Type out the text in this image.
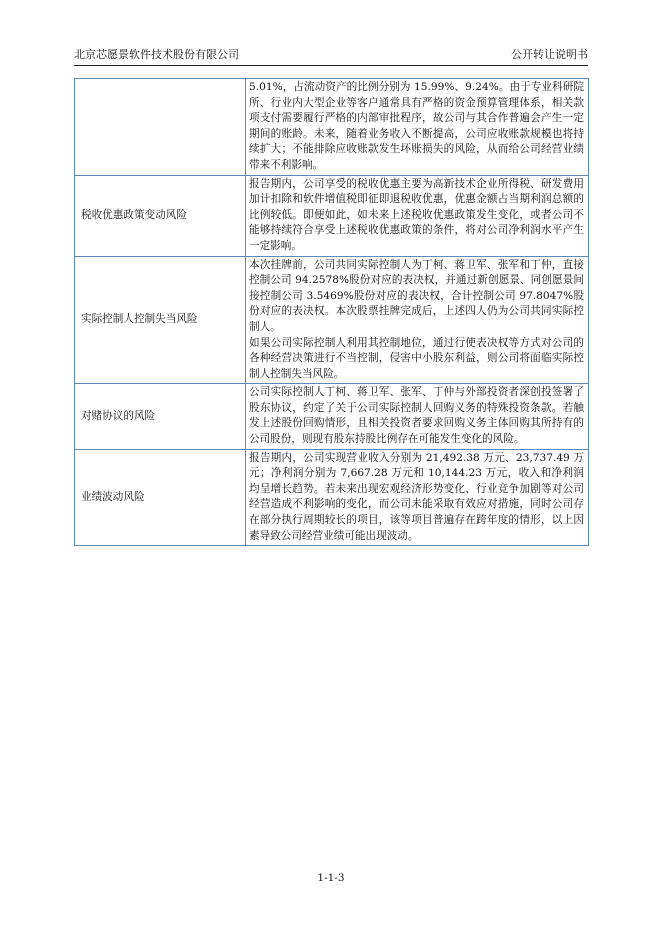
北京芯愿景软件技术股份有限公司	公开转让说明书

	5.01%，占流动资产的比例分别为 15.99%、9.24%。由于专业科研院所、行业内大型企业等客户通常具有严格的资金预算管理体系，相关款项支付需要履行严格的内部审批程序，故公司与其合作普遍会产生一定期间的账龄。未来，随着业务收入不断提高，公司应收账款规模也将持续扩大；不能排除应收账款发生坏账损失的风险，从而给公司经营业绩带来不利影响。

税收优惠政策变动风险	报告期内，公司享受的税收优惠主要为高新技术企业所得税、研发费用加计扣除和软件增值税即征即退税收优惠，优惠金额占当期利润总额的比例较低。即便如此，如未来上述税收优惠政策发生变化，或者公司不能够持续符合享受上述税收优惠政策的条件，将对公司净利润水平产生一定影响。

实际控制人控制失当风险	本次挂牌前，公司共同实际控制人为丁柯、蒋卫军、张军和丁仲，直接控制公司 94.2578%股份对应的表决权，并通过新创愿景、同创愿景间接控制公司 3.5469%股份对应的表决权，合计控制公司 97.8047%股份对应的表决权。本次股票挂牌完成后，上述四人仍为公司共同实际控制人。
如果公司实际控制人利用其控制地位，通过行使表决权等方式对公司的各种经营决策进行不当控制，侵害中小股东利益，则公司将面临实际控制人控制失当风险。

对赌协议的风险	公司实际控制人丁柯、蒋卫军、张军、丁仲与外部投资者深创投签署了股东协议，约定了关于公司实际控制人回购义务的特殊投资条款。若触发上述股份回购情形，且相关投资者要求回购义务主体回购其所持有的公司股份，则现有股东持股比例存在可能发生变化的风险。

业绩波动风险	报告期内，公司实现营业收入分别为 21,492.38 万元、23,737.49 万元；净利润分别为 7,667.28 万元和 10,144.23 万元，收入和净利润均呈增长趋势。若未来出现宏观经济形势变化、行业竞争加剧等对公司经营造成不利影响的变化，而公司未能采取有效应对措施，同时公司存在部分执行周期较长的项目，该等项目普遍存在跨年度的情形，以上因素导致公司经营业绩可能出现波动。
1-1-3
